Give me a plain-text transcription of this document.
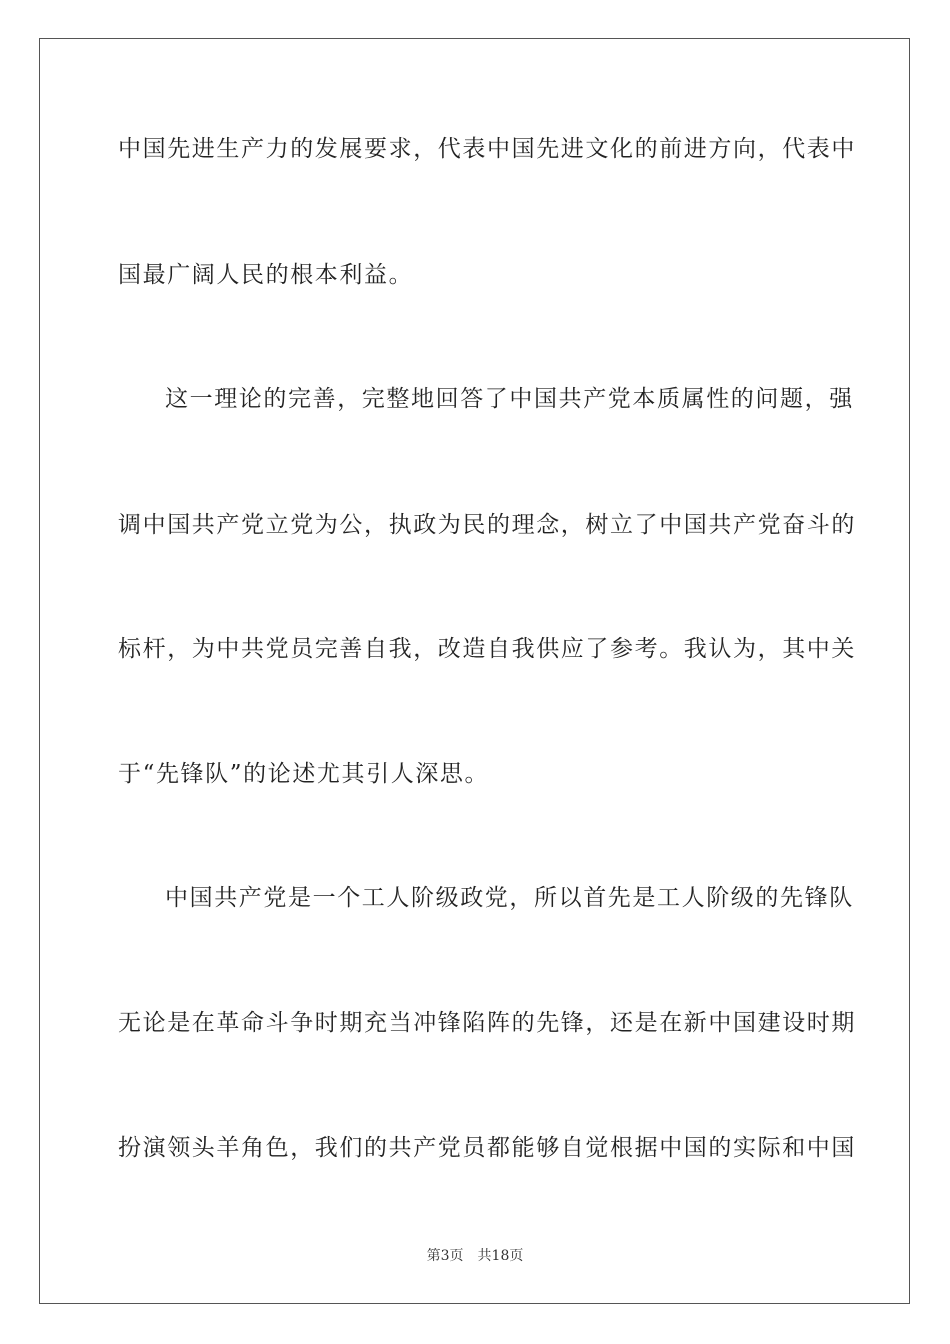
中国先进生产力的发展要求，代表中国先进文化的前进方向，代表中
国最广阔人民的根本利益。
这一理论的完善，完整地回答了中国共产党本质属性的问题，强
调中国共产党立党为公，执政为民的理念，树立了中国共产党奋斗的
标杆，为中共党员完善自我，改造自我供应了参考。我认为，其中关
于“先锋队”的论述尤其引人深思。
中国共产党是一个工人阶级政党，所以首先是工人阶级的先锋队
无论是在革命斗争时期充当冲锋陷阵的先锋，还是在新中国建设时期
扮演领头羊角色，我们的共产党员都能够自觉根据中国的实际和中国
第3页 共18页
